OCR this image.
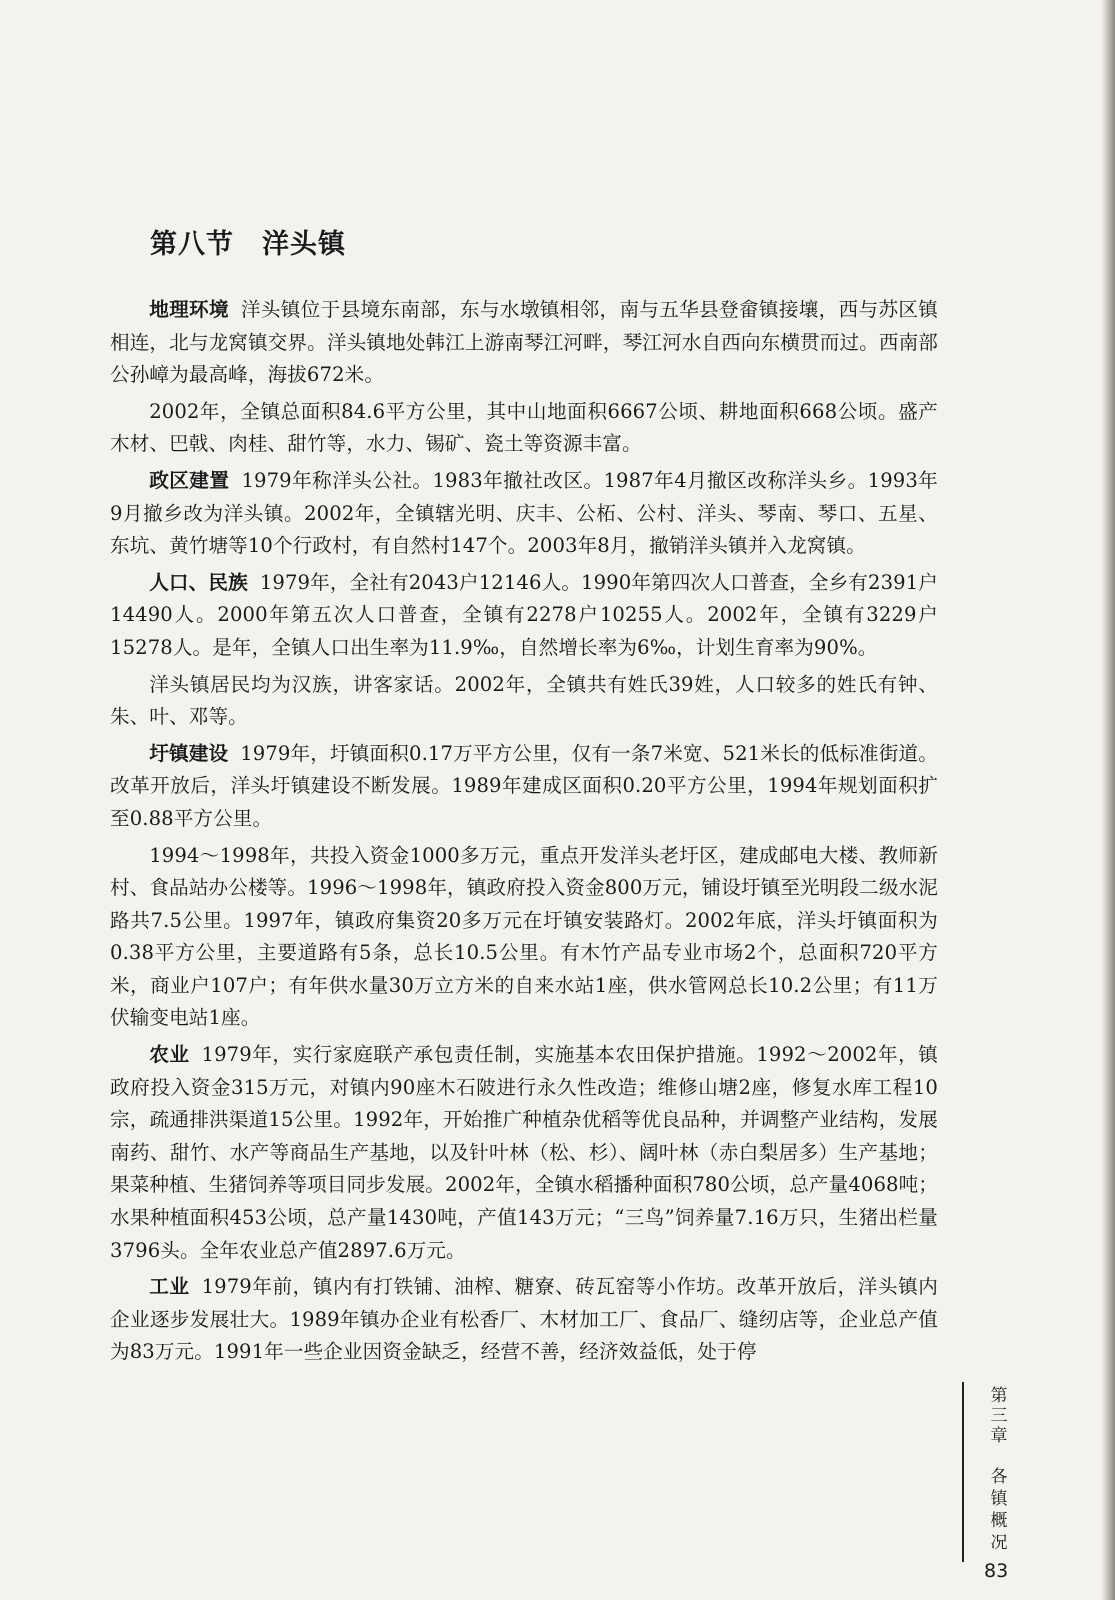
第八节　洋头镇

地理环境 洋头镇位于县境东南部，东与水墩镇相邻，南与五华县登畲镇接壤，西与苏区镇相连，北与龙窝镇交界。洋头镇地处韩江上游南琴江河畔，琴江河水自西向东横贯而过。西南部公孙嶂为最高峰，海拔672米。

2002年，全镇总面积84.6平方公里，其中山地面积6667公顷、耕地面积668公顷。盛产木材、巴戟、肉桂、甜竹等，水力、锡矿、瓷土等资源丰富。

政区建置 1979年称洋头公社。1983年撤社改区。1987年4月撤区改称洋头乡。1993年9月撤乡改为洋头镇。2002年，全镇辖光明、庆丰、公柘、公村、洋头、琴南、琴口、五星、东坑、黄竹塘等10个行政村，有自然村147个。2003年8月，撤销洋头镇并入龙窝镇。

人口、民族 1979年，全社有2043户12146人。1990年第四次人口普查，全乡有2391户14490人。2000年第五次人口普查，全镇有2278户10255人。2002年，全镇有3229户15278人。是年，全镇人口出生率为11.9‰，自然增长率为6‰，计划生育率为90%。

洋头镇居民均为汉族，讲客家话。2002年，全镇共有姓氏39姓，人口较多的姓氏有钟、朱、叶、邓等。

圩镇建设 1979年，圩镇面积0.17万平方公里，仅有一条7米宽、521米长的低标准街道。改革开放后，洋头圩镇建设不断发展。1989年建成区面积0.20平方公里，1994年规划面积扩至0.88平方公里。

1994～1998年，共投入资金1000多万元，重点开发洋头老圩区，建成邮电大楼、教师新村、食品站办公楼等。1996～1998年，镇政府投入资金800万元，铺设圩镇至光明段二级水泥路共7.5公里。1997年，镇政府集资20多万元在圩镇安装路灯。2002年底，洋头圩镇面积为0.38平方公里，主要道路有5条，总长10.5公里。有木竹产品专业市场2个，总面积720平方米，商业户107户；有年供水量30万立方米的自来水站1座，供水管网总长10.2公里；有11万伏输变电站1座。

农业 1979年，实行家庭联产承包责任制，实施基本农田保护措施。1992～2002年，镇政府投入资金315万元，对镇内90座木石陂进行永久性改造；维修山塘2座，修复水库工程10宗，疏通排洪渠道15公里。1992年，开始推广种植杂优稻等优良品种，并调整产业结构，发展南药、甜竹、水产等商品生产基地，以及针叶林（松、杉）、阔叶林（赤白梨居多）生产基地；果菜种植、生猪饲养等项目同步发展。2002年，全镇水稻播种面积780公顷，总产量4068吨；水果种植面积453公顷，总产量1430吨，产值143万元；“三鸟”饲养量7.16万只，生猪出栏量3796头。全年农业总产值2897.6万元。

工业 1979年前，镇内有打铁铺、油榨、糖寮、砖瓦窑等小作坊。改革开放后，洋头镇内企业逐步发展壮大。1989年镇办企业有松香厂、木材加工厂、食品厂、缝纫店等，企业总产值为83万元。1991年一些企业因资金缺乏，经营不善，经济效益低，处于停

第三章
各镇概况
83
